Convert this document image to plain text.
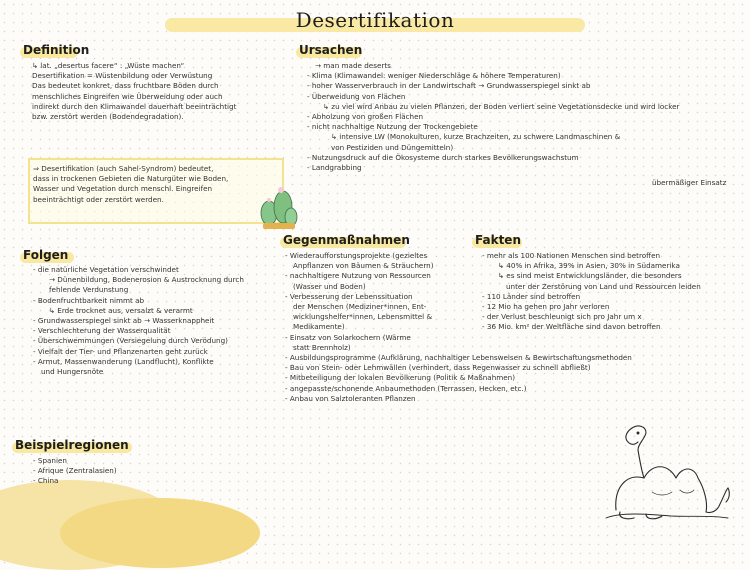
Desertifikation
Definition
↳ lat. „desertus facere“ : „Wüste machen“
Desertifikation = Wüstenbildung oder Verwüstung
Das bedeutet konkret, dass fruchtbare Böden durch
menschliches Eingreifen wie Überweidung oder auch
indirekt durch den Klimawandel dauerhaft beeinträchtigt
bzw. zerstört werden (Bodendegradation).
⇒ Desertifikation (auch Sahel-Syndrom) bedeutet,
dass in trockenen Gebieten die Naturgüter wie Boden,
Wasser und Vegetation durch menschl. Eingreifen
beeinträchtigt oder zerstört werden.
Ursachen
→ man made deserts
- Klima (Klimawandel: weniger Niederschläge & höhere Temperaturen)
- hoher Wasserverbrauch in der Landwirtschaft → Grundwasserspiegel sinkt ab
- Überweidung von Flächen
↳ zu viel wird Anbau zu vielen Pflanzen, der Boden verliert seine Vegetationsdecke und wird locker
- Abholzung von großen Flächen
- nicht nachhaltige Nutzung der Trockengebiete
↳ intensive LW (Monokulturen, kurze Brachzeiten, zu schwere Landmaschinen &
von Pestiziden und Düngemitteln)
- Nutzungsdruck auf die Ökosysteme durch starkes Bevölkerungswachstum
- Landgrabbing
übermäßiger Einsatz
Folgen
- die natürliche Vegetation verschwindet
→ Dünenbildung, Bodenerosion & Austrocknung durch
fehlende Verdunstung
- Bodenfruchtbarkeit nimmt ab
↳ Erde trocknet aus, versalzt & verarmt
- Grundwasserspiegel sinkt ab → Wasserknappheit
- Verschlechterung der Wasserqualität
- Überschwemmungen (Versiegelung durch Verödung)
- Vielfalt der Tier- und Pflanzenarten geht zurück
- Armut, Massenwanderung (Landflucht), Konflikte
und Hungersnöte
Gegenmaßnahmen
- Wiederaufforstungsprojekte (gezieltes
Anpflanzen von Bäumen & Sträuchern)
- nachhaltigere Nutzung von Ressourcen
(Wasser und Boden)
- Verbesserung der Lebenssituation
der Menschen (Mediziner*innen, Ent-
wicklungshelfer*innen, Lebensmittel &
Medikamente)
- Einsatz von Solarkochern (Wärme
statt Brennholz)
- Ausbildungsprogramme (Aufklärung, nachhaltiger Lebensweisen & Bewirtschaftungsmethoden
- Bau von Stein- oder Lehmwällen (verhindert, dass Regenwasser zu schnell abfließt)
- Mitbeteiligung der lokalen Bevölkerung (Politik & Maßnahmen)
- angepasste/schonende Anbaumethoden (Terrassen, Hecken, etc.)
- Anbau von Salztoleranten Pflanzen
Fakten
- mehr als 100 Nationen Menschen sind betroffen
↳ 40% in Afrika, 39% in Asien, 30% in Südamerika
↳ es sind meist Entwicklungsländer, die besonders
unter der Zerstörung von Land und Ressourcen leiden
- 110 Länder sind betroffen
- 12 Mio ha gehen pro Jahr verloren
- der Verlust beschleunigt sich pro Jahr um x
- 36 Mio. km² der Weltfläche sind davon betroffen
Beispielregionen
- Spanien
- Afrique (Zentralasien)
- China
